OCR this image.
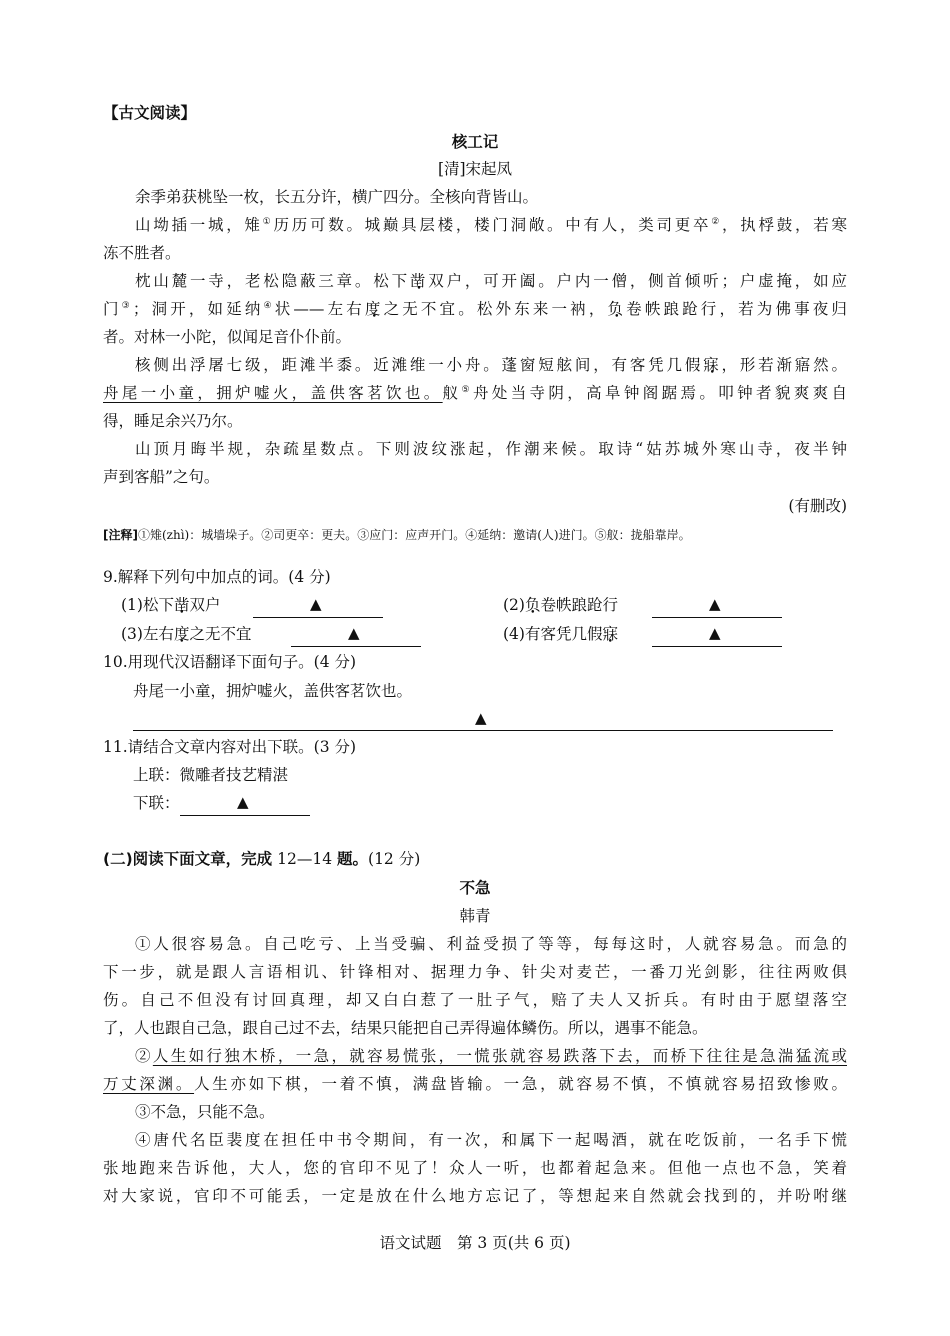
【古文阅读】
核工记
[清]宋起凤
余季弟获桃坠一枚，长五分许，横广四分。全核向背皆山。
山坳插一城，雉①历历可数。城巅具层楼，楼门洞敞。中有人，类司更卒②，执桴鼓，若寒
冻不胜者。
枕山麓一寺，老松隐蔽三章。松下凿双户，可开阖。户内一僧，侧首倾听；户虚掩，如应
门③；洞开，如延纳④状——左右度之无不宜。松外东来一衲，负卷帙踉跄行，若为佛事夜归
者。对林一小陀，似闻足音仆仆前。
核侧出浮屠七级，距滩半黍。近滩维一小舟。蓬窗短舷间，有客凭几假寐，形若渐寤然。
舟尾一小童，拥炉嘘火，盖供客茗饮也。舣⑤舟处当寺阴，高阜钟阁踞焉。叩钟者貌爽爽自
得，睡足余兴乃尔。
山顶月晦半规，杂疏星数点。下则波纹涨起，作潮来候。取诗“姑苏城外寒山寺，夜半钟
声到客船”之句。
(有删改)
[注释]①雉(zhì)：城墙垛子。②司更卒：更夫。③应门：应声开门。④延纳：邀请(人)进门。⑤舣：拢船靠岸。
9.解释下列句中加点的词。(4 分)
(1)松下凿双户	▲	(2)负卷帙踉跄行	▲
(3)左右度之无不宜	▲	(4)有客凭几假寐	▲
10.用现代汉语翻译下面句子。(4 分)
舟尾一小童，拥炉嘘火，盖供客茗饮也。
▲
11.请结合文章内容对出下联。(3 分)
上联：微雕者技艺精湛
下联：	▲
(二)阅读下面文章，完成 12—14 题。(12 分)
不急
韩青
①人很容易急。自己吃亏、上当受骗、利益受损了等等，每每这时，人就容易急。而急的
下一步，就是跟人言语相讥、针锋相对、据理力争、针尖对麦芒，一番刀光剑影，往往两败俱
伤。自己不但没有讨回真理，却又白白惹了一肚子气，赔了夫人又折兵。有时由于愿望落空
了，人也跟自己急，跟自己过不去，结果只能把自己弄得遍体鳞伤。所以，遇事不能急。
②人生如行独木桥，一急，就容易慌张，一慌张就容易跌落下去，而桥下往往是急湍猛流或
万丈深渊。人生亦如下棋，一着不慎，满盘皆输。一急，就容易不慎，不慎就容易招致惨败。
③不急，只能不急。
④唐代名臣裴度在担任中书令期间，有一次，和属下一起喝酒，就在吃饭前，一名手下慌
张地跑来告诉他，大人，您的官印不见了！众人一听，也都着起急来。但他一点也不急，笑着
对大家说，官印不可能丢，一定是放在什么地方忘记了，等想起来自然就会找到的，并吩咐继
语文试题　第 3 页(共 6 页)
